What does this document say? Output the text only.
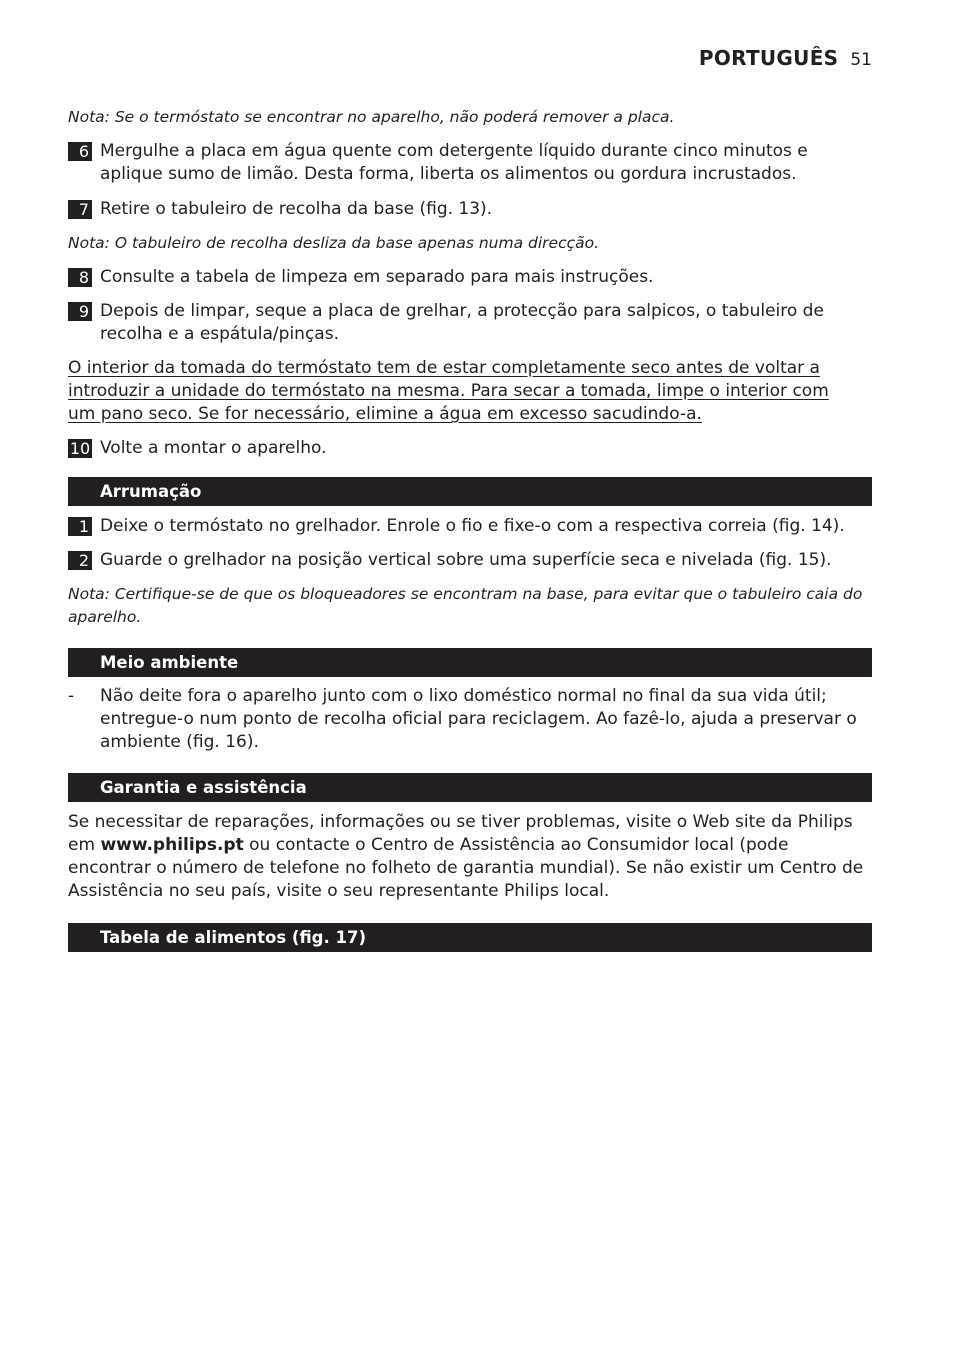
PORTUGUÊS 51
Nota: Se o termóstato se encontrar no aparelho, não poderá remover a placa.
6 Mergulhe a placa em água quente com detergente líquido durante cinco minutos e aplique sumo de limão. Desta forma, liberta os alimentos ou gordura incrustados.
7 Retire o tabuleiro de recolha da base (fig. 13).
Nota: O tabuleiro de recolha desliza da base apenas numa direcção.
8 Consulte a tabela de limpeza em separado para mais instruções.
9 Depois de limpar, seque a placa de grelhar, a protecção para salpicos, o tabuleiro de recolha e a espátula/pinças.
O interior da tomada do termóstato tem de estar completamente seco antes de voltar a introduzir a unidade do termóstato na mesma. Para secar a tomada, limpe o interior com um pano seco. Se for necessário, elimine a água em excesso sacudindo-a.
10 Volte a montar o aparelho.
Arrumação
1 Deixe o termóstato no grelhador. Enrole o fio e fixe-o com a respectiva correia (fig. 14).
2 Guarde o grelhador na posição vertical sobre uma superfície seca e nivelada (fig. 15).
Nota: Certifique-se de que os bloqueadores se encontram na base, para evitar que o tabuleiro caia do aparelho.
Meio ambiente
-	Não deite fora o aparelho junto com o lixo doméstico normal no final da sua vida útil; entregue-o num ponto de recolha oficial para reciclagem. Ao fazê-lo, ajuda a preservar o ambiente (fig. 16).
Garantia e assistência
Se necessitar de reparações, informações ou se tiver problemas, visite o Web site da Philips em www.philips.pt ou contacte o Centro de Assistência ao Consumidor local (pode encontrar o número de telefone no folheto de garantia mundial). Se não existir um Centro de Assistência no seu país, visite o seu representante Philips local.
Tabela de alimentos (fig. 17)
